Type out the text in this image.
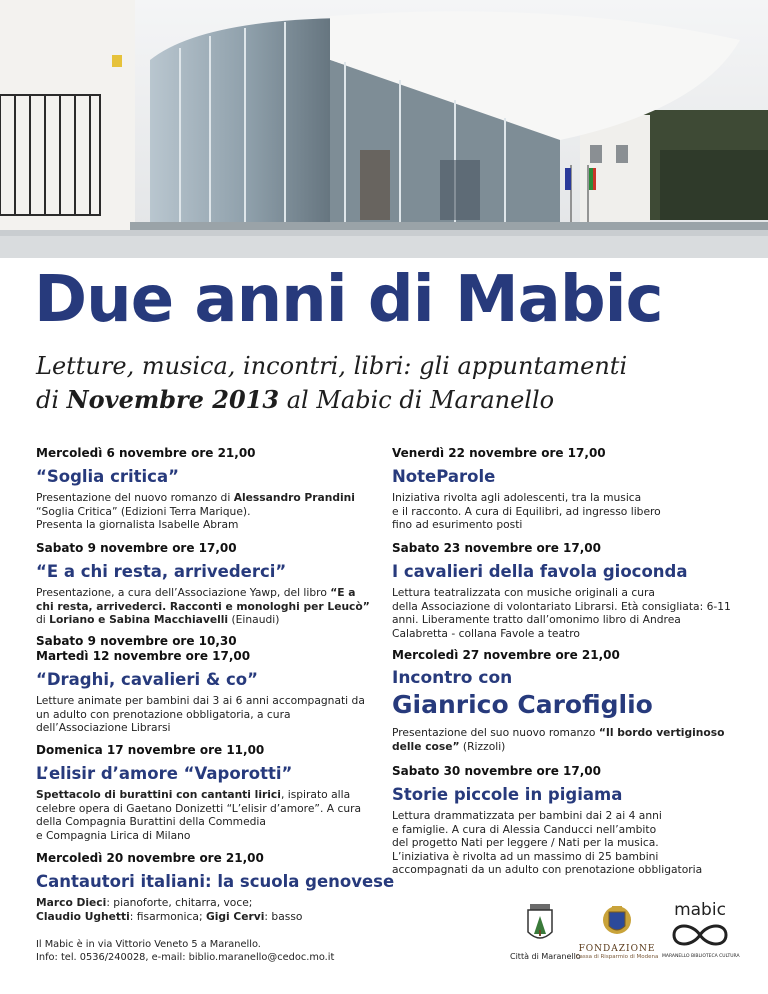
Due anni di Mabic
Letture, musica, incontri, libri: gli appuntamenti
di Novembre 2013 al Mabic di Maranello
Mercoledì 6 novembre ore 21,00
“Soglia critica”
Presentazione del nuovo romanzo di Alessandro Prandini “Soglia Critica” (Edizioni Terra Marique).
Presenta la giornalista Isabelle Abram
Sabato 9 novembre ore 17,00
“E a chi resta, arrivederci”
Presentazione, a cura dell’Associazione Yawp, del libro “E a chi resta, arrivederci. Racconti e monologhi per Leucò” di Loriano e Sabina Macchiavelli (Einaudi)
Sabato 9 novembre ore 10,30
Martedì 12 novembre ore 17,00
“Draghi, cavalieri & co”
Letture animate per bambini dai 3 ai 6 anni accompagnati da un adulto con prenotazione obbligatoria, a cura dell’Associazione Librarsi
Domenica 17 novembre ore 11,00
L’elisir d’amore “Vaporotti”
Spettacolo di burattini con cantanti lirici, ispirato alla celebre opera di Gaetano Donizetti “L’elisir d’amore”. A cura della Compagnia Burattini della Commedia
e Compagnia Lirica di Milano
Mercoledì 20 novembre ore 21,00
Cantautori italiani: la scuola genovese
Marco Dieci: pianoforte, chitarra, voce;
Claudio Ughetti: fisarmonica; Gigi Cervi: basso
Venerdì 22 novembre ore 17,00
NoteParole
Iniziativa rivolta agli adolescenti, tra la musica
e il racconto. A cura di Equilibri, ad ingresso libero
fino ad esurimento posti
Sabato 23 novembre ore 17,00
I cavalieri della favola gioconda
Lettura teatralizzata con musiche originali a cura
della Associazione di volontariato Librarsi. Età consigliata: 6-11 anni. Liberamente tratto dall’omonimo libro di Andrea Calabretta - collana Favole a teatro
Mercoledì 27 novembre ore 21,00
Incontro con
Gianrico Carofiglio
Presentazione del suo nuovo romanzo “Il bordo vertiginoso delle cose” (Rizzoli)
Sabato 30 novembre ore 17,00
Storie piccole in pigiama
Lettura drammatizzata per bambini dai 2 ai 4 anni
e famiglie. A cura di Alessia Canducci nell’ambito
del progetto Nati per leggere / Nati per la musica.
L’iniziativa è rivolta ad un massimo di 25 bambini accompagnati da un adulto con prenotazione obbligatoria
Il Mabic è in via Vittorio Veneto 5 a Maranello.
Info: tel. 0536/240028, e-mail: biblio.maranello@cedoc.mo.it	Città di Maranello
FONDAZIONE
Cassa di Risparmio di Modena
mabic
MARANELLO BIBLIOTECA CULTURA
